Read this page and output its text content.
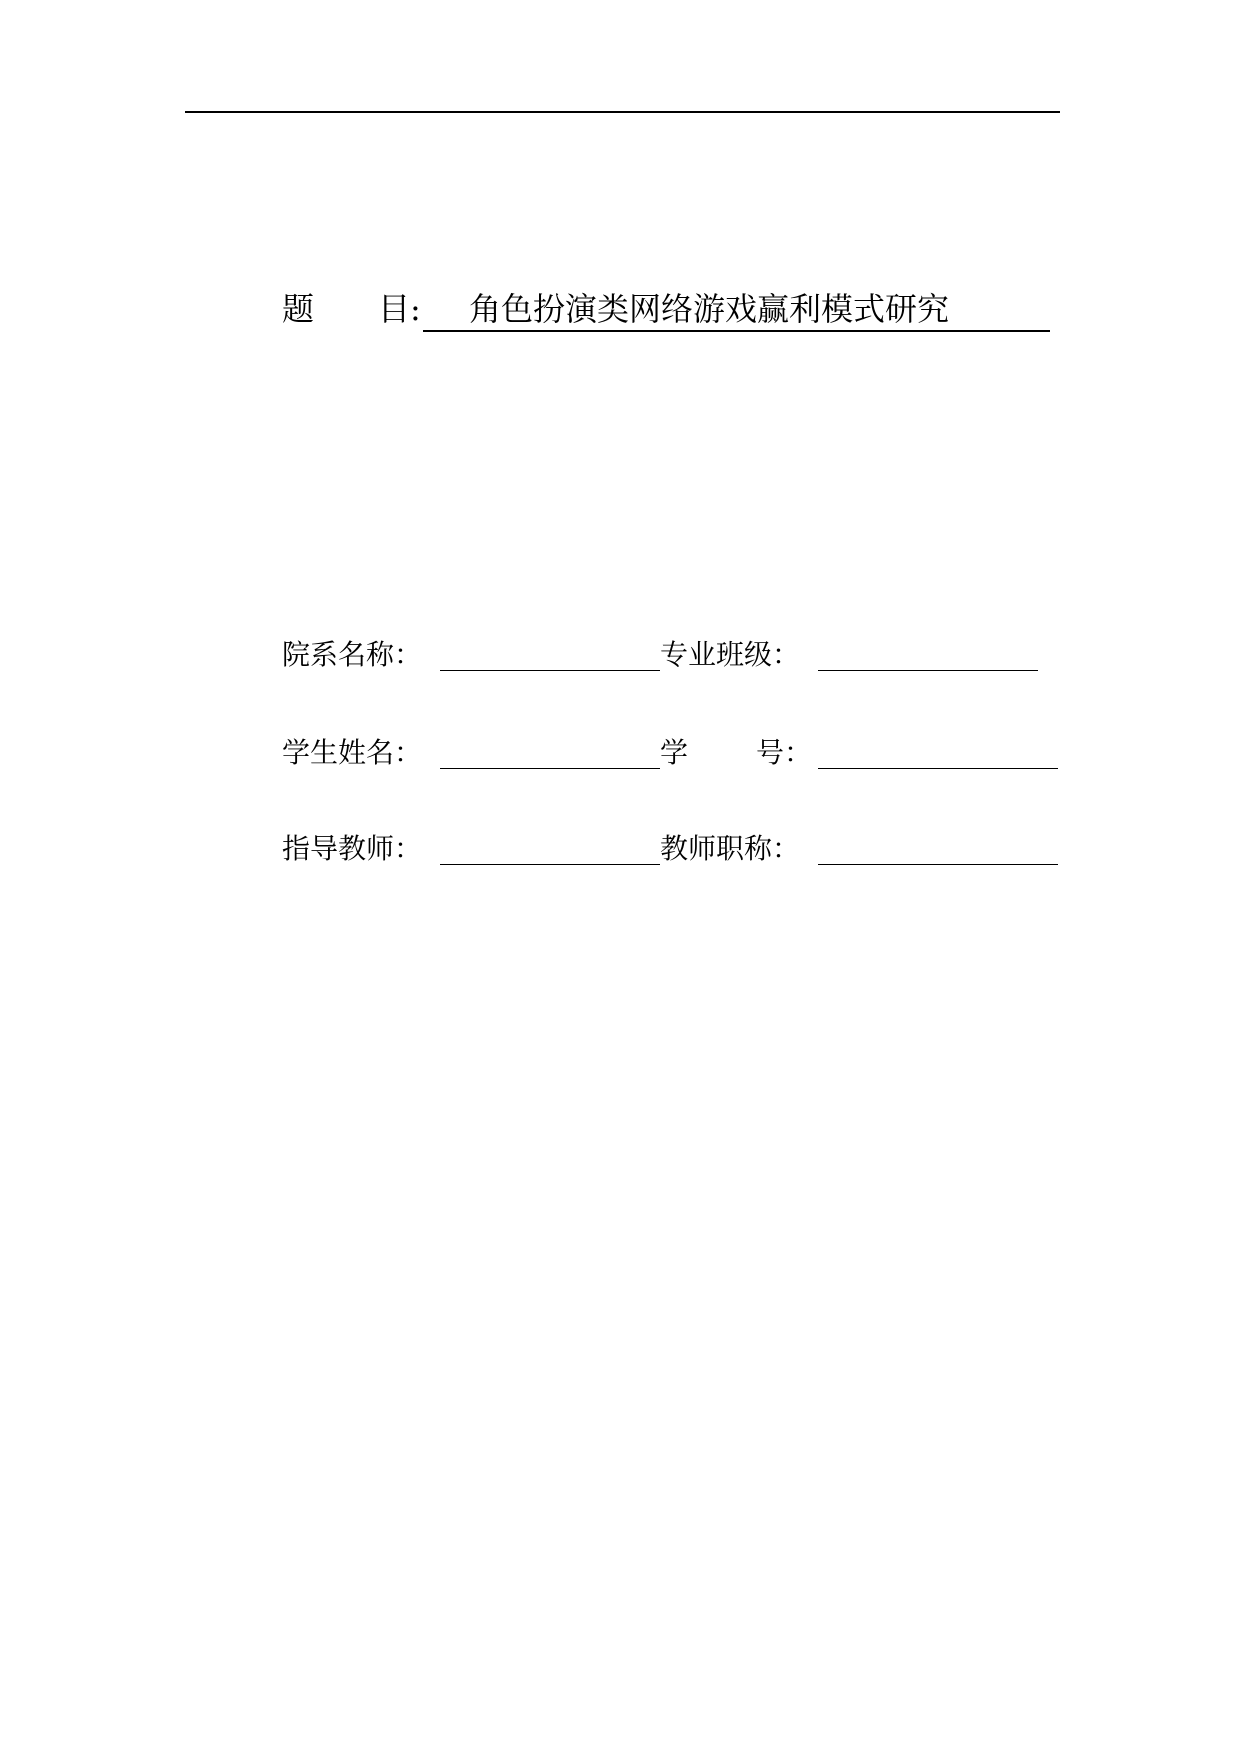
题 目 : 角色扮演类网络游戏赢利模式研究
院系名称：	专业班级：
学生姓名：	学 号：
指导教师：	教师职称：
